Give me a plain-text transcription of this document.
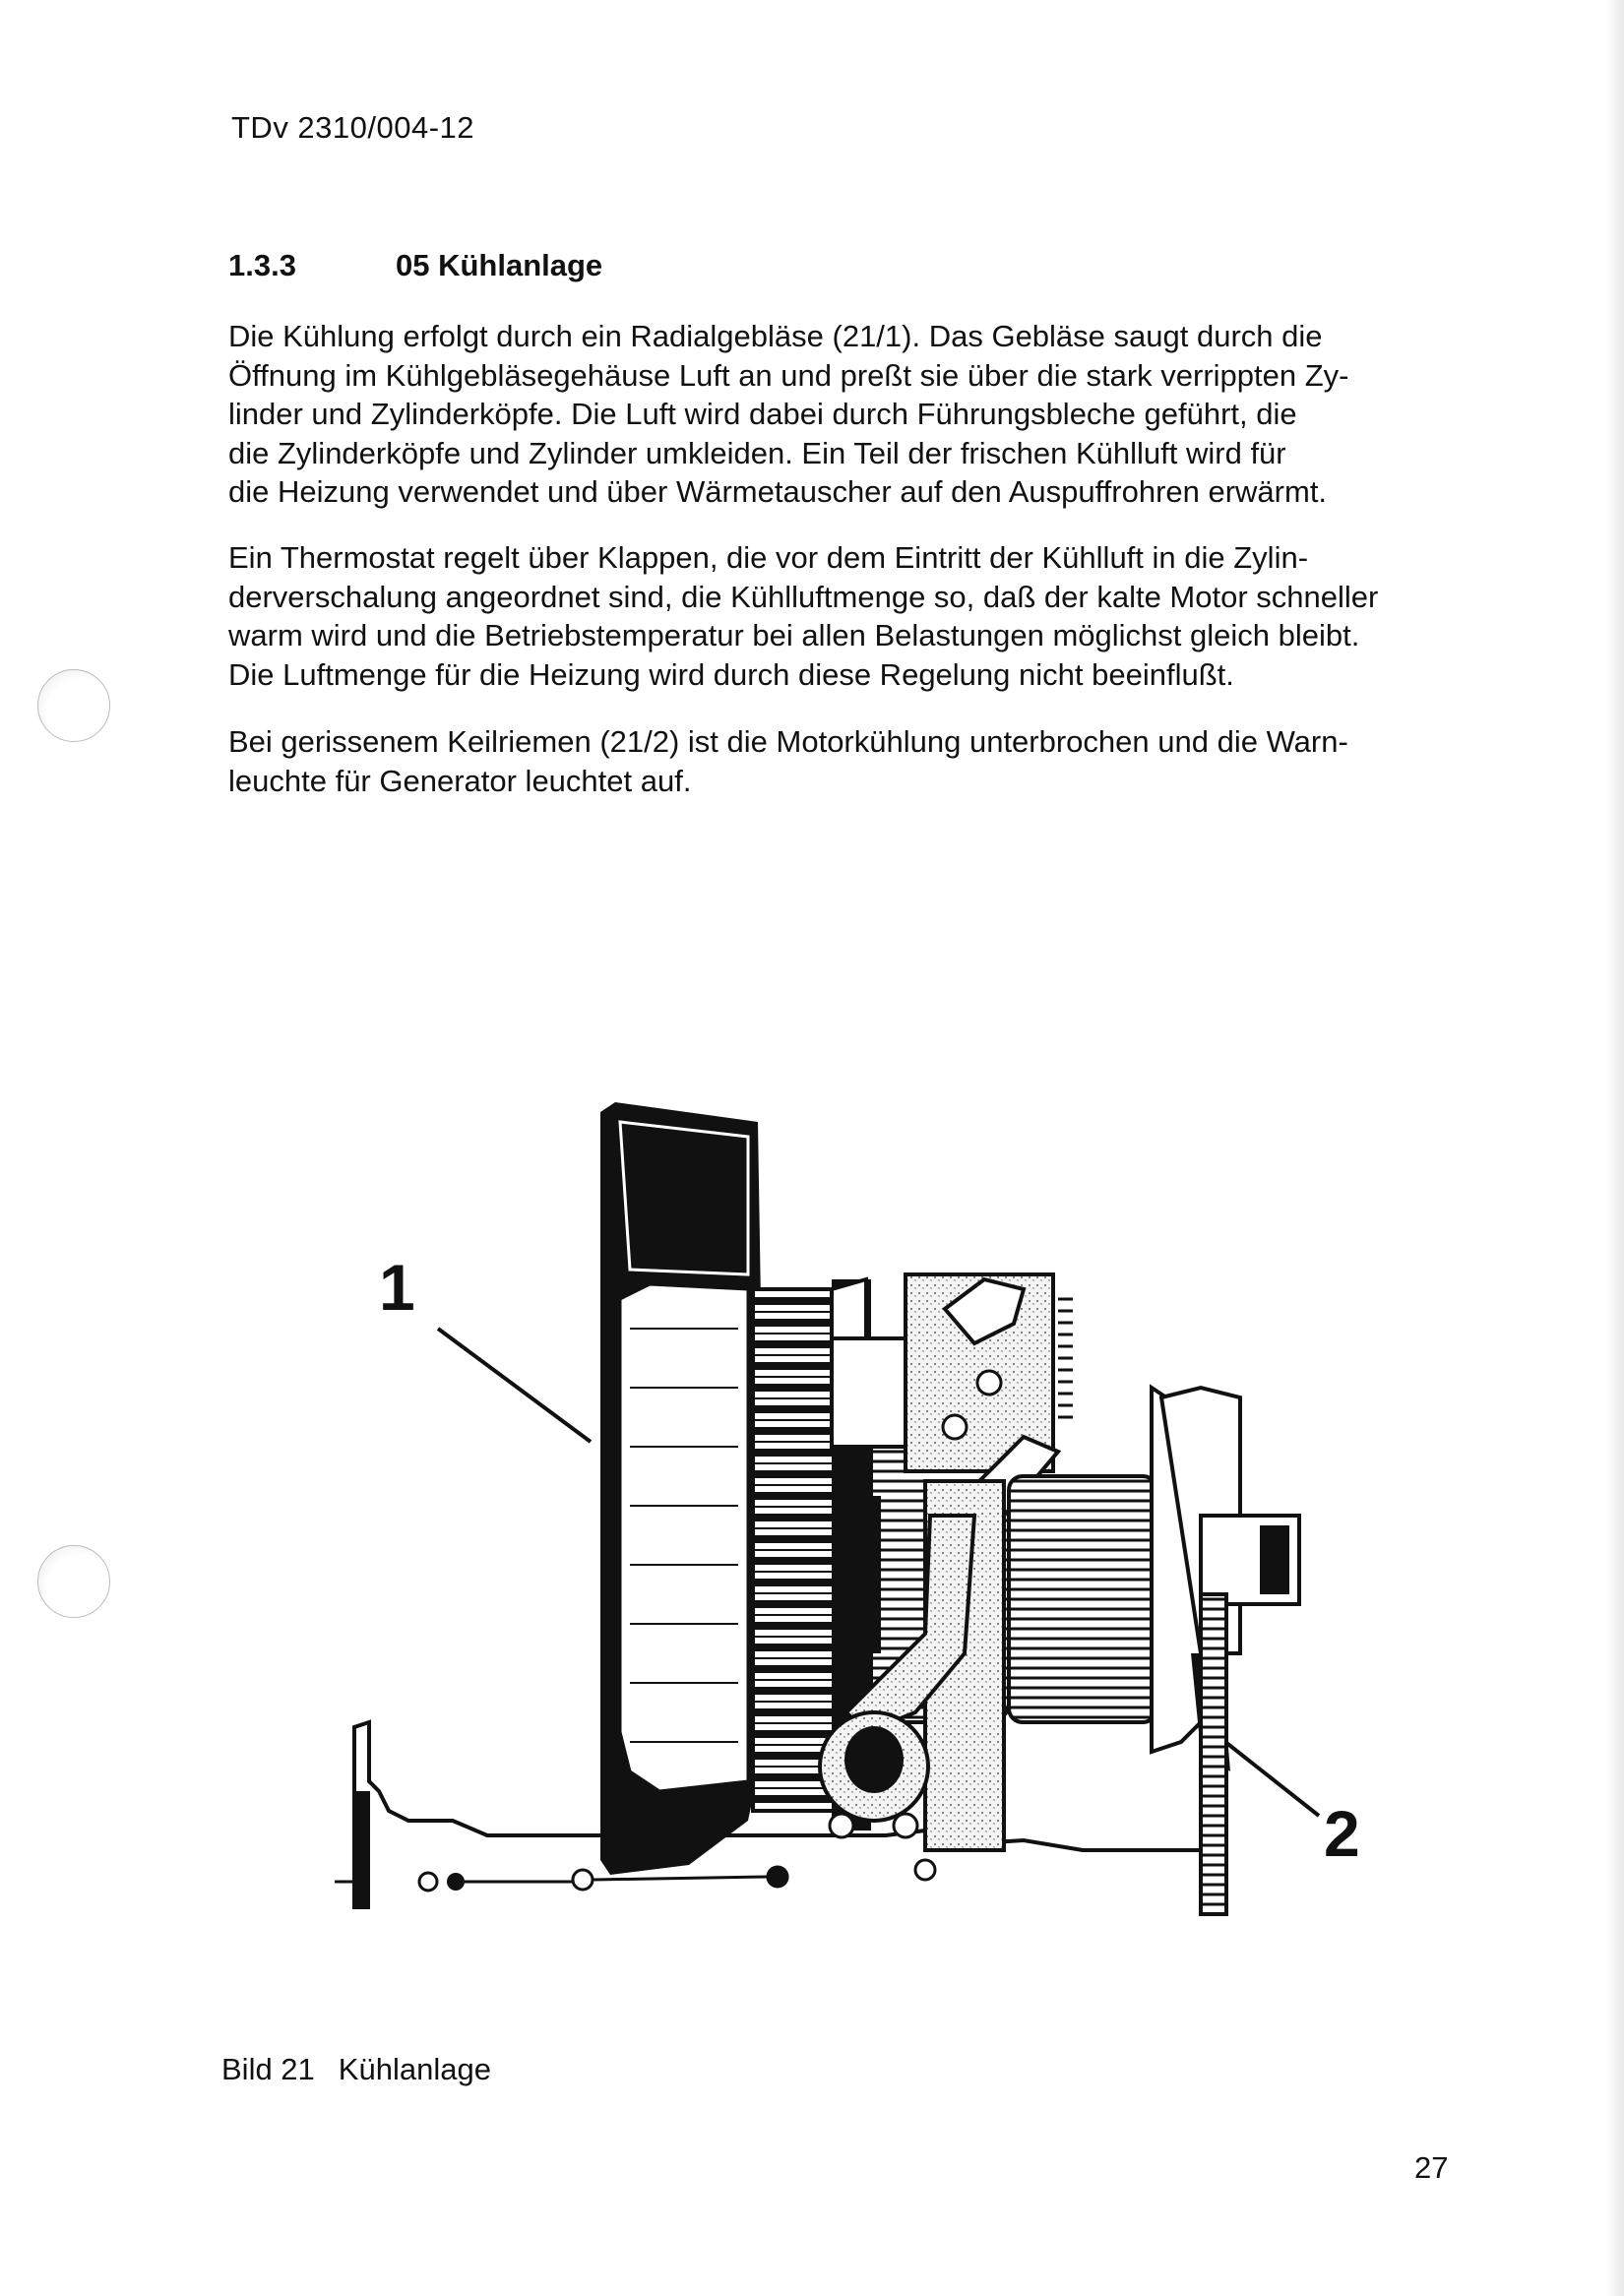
TDv 2310/004-12
1.3.3	05 Kühlanlage
Die Kühlung erfolgt durch ein Radialgebläse (21/1). Das Gebläse saugt durch die
Öffnung im Kühlgebläsegehäuse Luft an und preßt sie über die stark verrippten Zy-
linder und Zylinderköpfe. Die Luft wird dabei durch Führungsbleche geführt, die
die Zylinderköpfe und Zylinder umkleiden. Ein Teil der frischen Kühlluft wird für
die Heizung verwendet und über Wärmetauscher auf den Auspuffrohren erwärmt.
Ein Thermostat regelt über Klappen, die vor dem Eintritt der Kühlluft in die Zylin-
derverschalung angeordnet sind, die Kühlluftmenge so, daß der kalte Motor schneller
warm wird und die Betriebstemperatur bei allen Belastungen möglichst gleich bleibt.
Die Luftmenge für die Heizung wird durch diese Regelung nicht beeinflußt.
Bei gerissenem Keilriemen (21/2) ist die Motorkühlung unterbrochen und die Warn-
leuchte für Generator leuchtet auf.
1
2
Bild 21 Kühlanlage
27
